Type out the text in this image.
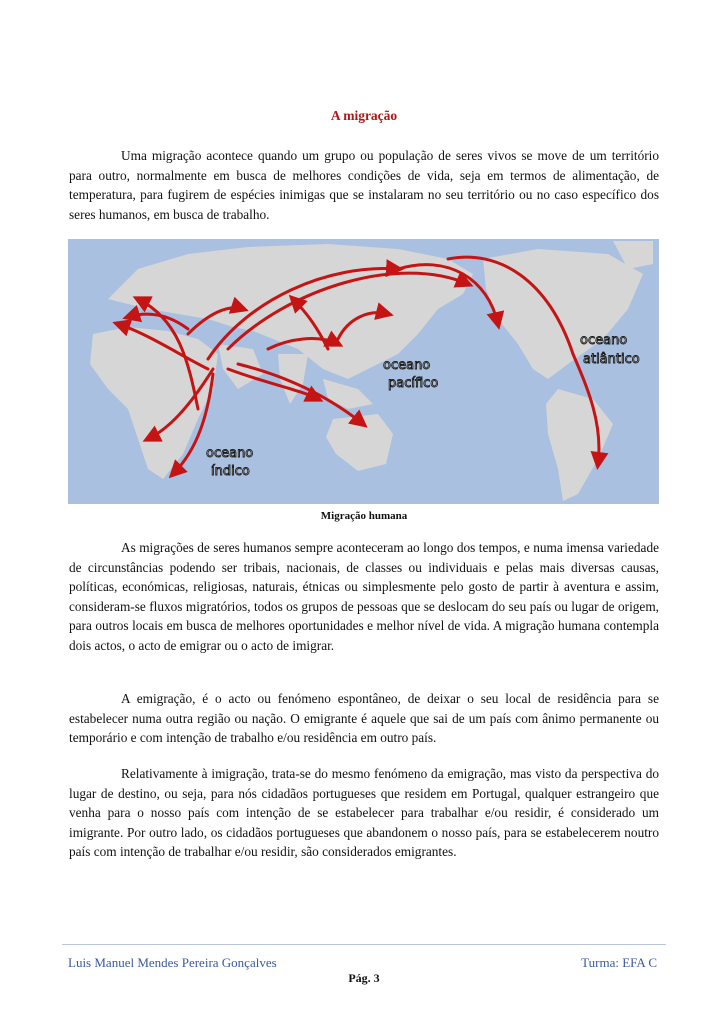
A migração

Uma migração acontece quando um grupo ou população de seres vivos se move de um território para outro, normalmente em busca de melhores condições de vida, seja em termos de alimentação, de temperatura, para fugirem de espécies inimigas que se instalaram no seu território ou no caso específico dos seres humanos, em busca de trabalho.

oceano
pacífico
oceano
atlântico
oceano
índico
Migração humana

As migrações de seres humanos sempre aconteceram ao longo dos tempos, e numa imensa variedade de circunstâncias podendo ser tribais, nacionais, de classes ou individuais e pelas mais diversas causas, políticas, económicas, religiosas, naturais, étnicas ou simplesmente pelo gosto de partir à aventura e assim, consideram-se fluxos migratórios, todos os grupos de pessoas que se deslocam do seu país ou lugar de origem, para outros locais em busca de melhores oportunidades e melhor nível de vida. A migração humana contempla dois actos, o acto de emigrar ou o acto de imigrar.

A emigração, é o acto ou fenómeno espontâneo, de deixar o seu local de residência para se estabelecer numa outra região ou nação. O emigrante é aquele que sai de um país com ânimo permanente ou temporário e com intenção de trabalho e/ou residência em outro país.

Relativamente à imigração, trata-se do mesmo fenómeno da emigração, mas visto da perspectiva do lugar de destino, ou seja, para nós cidadãos portugueses que residem em Portugal, qualquer estrangeiro que venha para o nosso país com intenção de se estabelecer para trabalhar e/ou residir, é considerado um imigrante. Por outro lado, os cidadãos portugueses que abandonem o nosso país, para se estabelecerem noutro país com intenção de trabalhar e/ou residir, são considerados emigrantes.

Luis Manuel Mendes Pereira Gonçalves	Turma: EFA C
Pág. 3
